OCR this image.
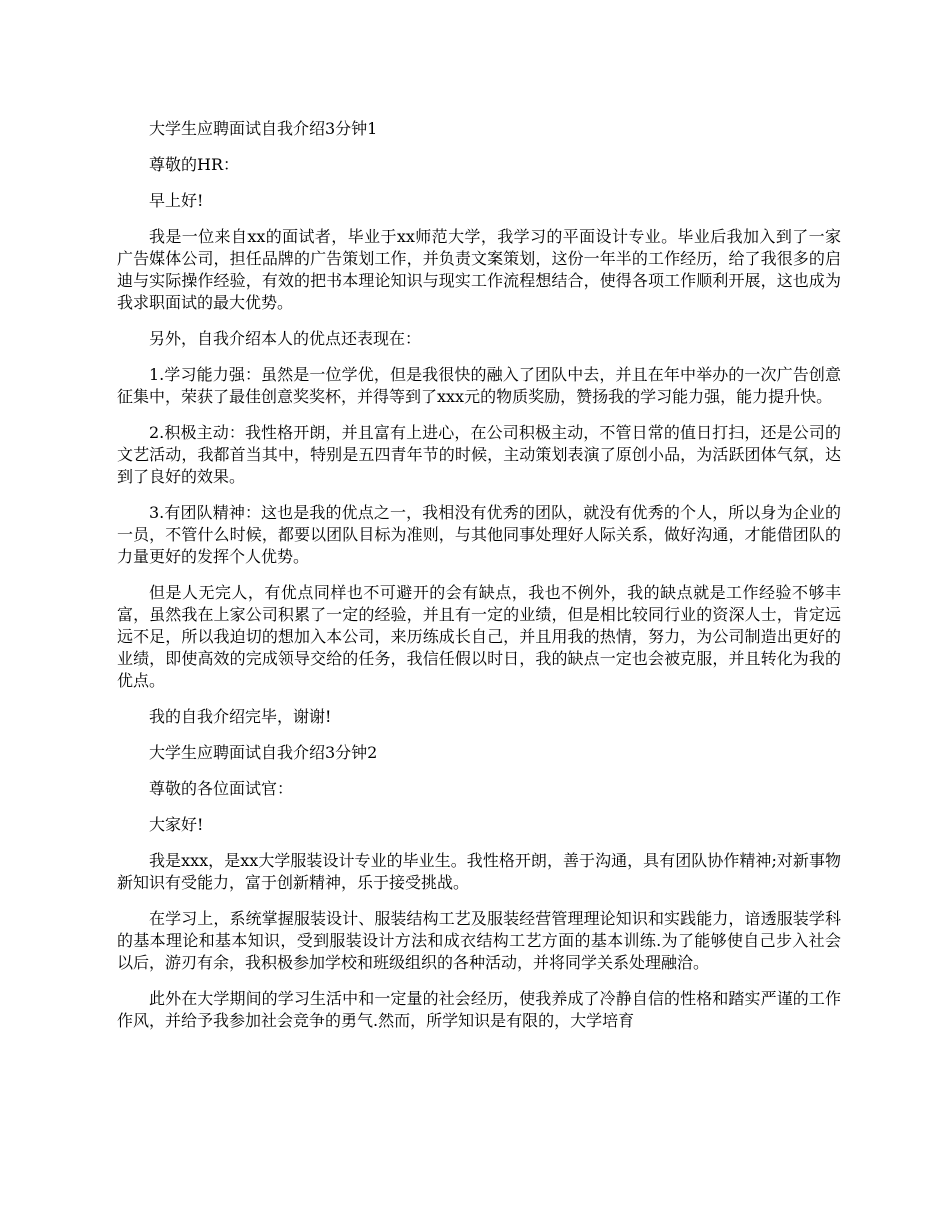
大学生应聘面试自我介绍3分钟1

尊敬的HR：

早上好!

我是一位来自xx的面试者，毕业于xx师范大学，我学习的平面设计专业。毕业后我加入到了一家广告媒体公司，担任品牌的广告策划工作，并负责文案策划，这份一年半的工作经历，给了我很多的启迪与实际操作经验，有效的把书本理论知识与现实工作流程想结合，使得各项工作顺利开展，这也成为我求职面试的最大优势。

另外，自我介绍本人的优点还表现在：

1.学习能力强：虽然是一位学优，但是我很快的融入了团队中去，并且在年中举办的一次广告创意征集中，荣获了最佳创意奖奖杯，并得等到了xxx元的物质奖励，赞扬我的学习能力强，能力提升快。

2.积极主动：我性格开朗，并且富有上进心，在公司积极主动，不管日常的值日打扫，还是公司的文艺活动，我都首当其中，特别是五四青年节的时候，主动策划表演了原创小品，为活跃团体气氛，达到了良好的效果。

3.有团队精神：这也是我的优点之一，我相没有优秀的团队，就没有优秀的个人，所以身为企业的一员，不管什么时候，都要以团队目标为准则，与其他同事处理好人际关系，做好沟通，才能借团队的力量更好的发挥个人优势。

但是人无完人，有优点同样也不可避开的会有缺点，我也不例外，我的缺点就是工作经验不够丰富，虽然我在上家公司积累了一定的经验，并且有一定的业绩，但是相比较同行业的资深人士，肯定远远不足，所以我迫切的想加入本公司，来历练成长自己，并且用我的热情，努力，为公司制造出更好的业绩，即使高效的完成领导交给的任务，我信任假以时日，我的缺点一定也会被克服，并且转化为我的优点。

我的自我介绍完毕，谢谢!

大学生应聘面试自我介绍3分钟2

尊敬的各位面试官：

大家好!

我是xxx，是xx大学服装设计专业的毕业生。我性格开朗，善于沟通，具有团队协作精神;对新事物新知识有受能力，富于创新精神，乐于接受挑战。

在学习上，系统掌握服装设计、服装结构工艺及服装经营管理理论知识和实践能力，谙透服装学科的基本理论和基本知识，受到服装设计方法和成衣结构工艺方面的基本训练.为了能够使自己步入社会以后，游刃有余，我积极参加学校和班级组织的各种活动，并将同学关系处理融洽。

此外在大学期间的学习生活中和一定量的社会经历，使我养成了冷静自信的性格和踏实严谨的工作作风，并给予我参加社会竞争的勇气.然而，所学知识是有限的，大学培育
